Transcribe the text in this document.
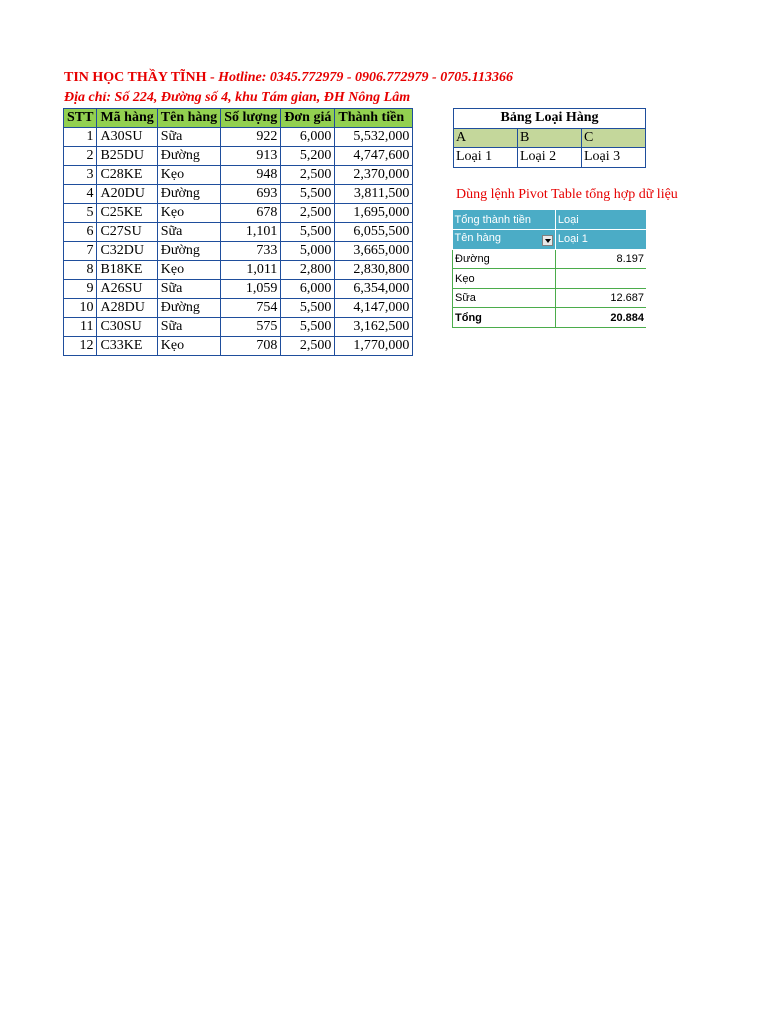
TIN HỌC THẦY TĨNH - Hotline: 0345.772979 - 0906.772979 - 0705.113366
Địa chỉ: Số 224, Đường số 4, khu Tám gian, ĐH Nông Lâm
STT	Mã hàng	Tên hàng	Số lượng	Đơn giá	Thành tiền
1	A30SU	Sữa	922	6,000	5,532,000
2	B25DU	Đường	913	5,200	4,747,600
3	C28KE	Kẹo	948	2,500	2,370,000
4	A20DU	Đường	693	5,500	3,811,500
5	C25KE	Kẹo	678	2,500	1,695,000
6	C27SU	Sữa	1,101	5,500	6,055,500
7	C32DU	Đường	733	5,000	3,665,000
8	B18KE	Kẹo	1,011	2,800	2,830,800
9	A26SU	Sữa	1,059	6,000	6,354,000
10	A28DU	Đường	754	5,500	4,147,000
11	C30SU	Sữa	575	5,500	3,162,500
12	C33KE	Kẹo	708	2,500	1,770,000
Bảng Loại Hàng		
A	B	C
Loại 1	Loại 2	Loại 3
Dùng lệnh Pivot Table tổng hợp dữ liệu
Tổng thành tiền	Loại
Tên hàng	Loại 1
Đường	8.197
Kẹo	
Sữa	12.687
Tổng	20.884
